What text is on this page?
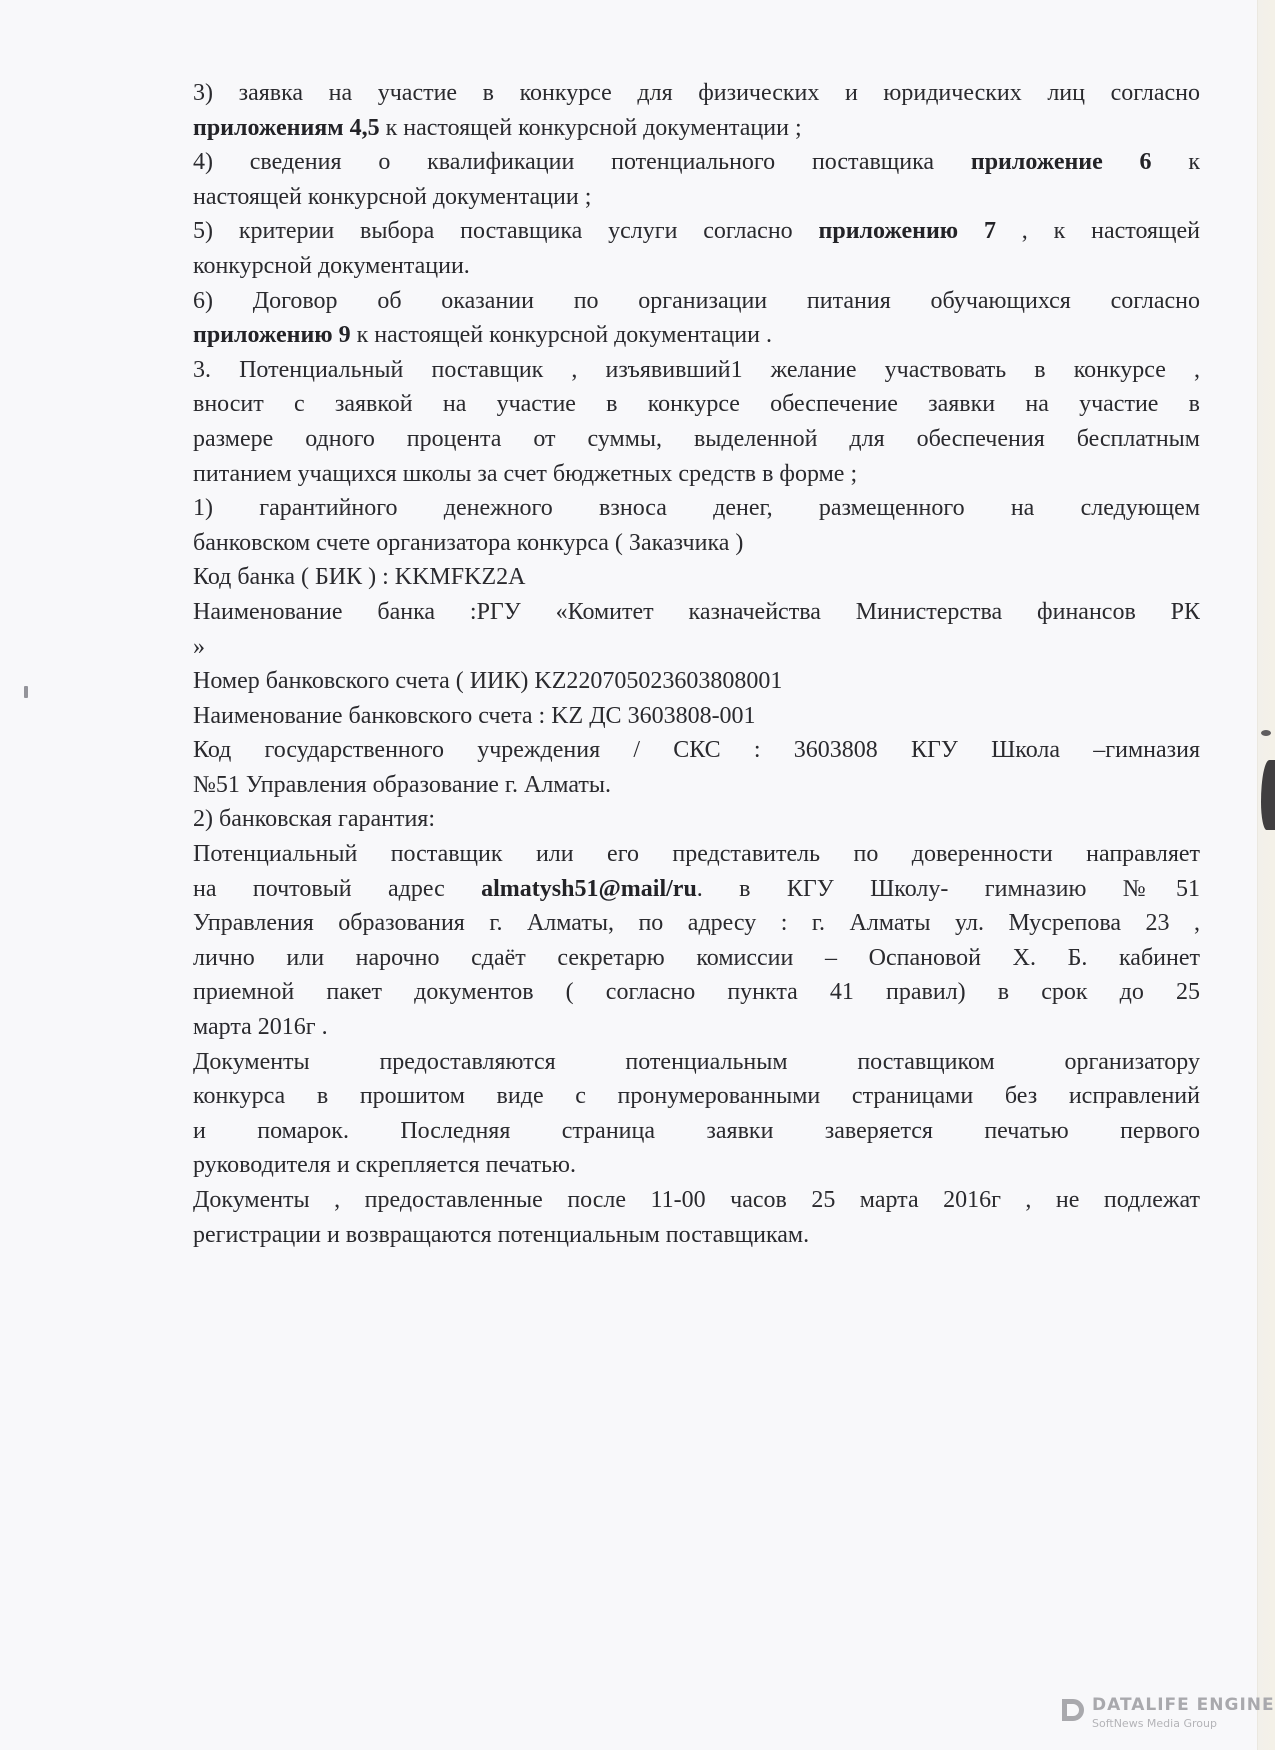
3) заявка на участие в конкурсе для физических и юридических лиц согласно
приложениям 4,5 к настоящей конкурсной документации ;
4) сведения о квалификации потенциального поставщика приложение 6 к
настоящей конкурсной документации ;
5) критерии выбора поставщика услуги согласно приложению 7 , к настоящей
конкурсной документации.
6) Договор об оказании по организации питания обучающихся согласно
приложению 9 к настоящей конкурсной документации .
3. Потенциальный поставщик , изъявивший1 желание участвовать в конкурсе ,
вносит с заявкой на участие в конкурсе обеспечение заявки на участие в
размере одного процента от суммы, выделенной для обеспечения бесплатным
питанием учащихся школы за счет бюджетных средств в форме ;
1) гарантийного денежного взноса денег, размещенного на следующем
банковском счете организатора конкурса ( Заказчика )
Код банка ( БИК ) : KKMFKZ2A
Наименование банка :РГУ «Комитет казначейства Министерства финансов РК
»
Номер банковского счета ( ИИК) KZ220705023603808001
Наименование банковского счета : KZ ДС 3603808-001
Код государственного учреждения / СКС : 3603808 КГУ Школа –гимназия
№51 Управления образование г. Алматы.
2) банковская гарантия:
Потенциальный поставщик или его представитель по доверенности направляет
на почтовый адрес almatysh51@mail/ru. в КГУ Школу- гимназию №51
Управления образования г. Алматы, по адресу : г. Алматы ул. Мусрепова 23 ,
лично или нарочно сдаёт секретарю комиссии – Оспановой Х. Б. кабинет
приемной пакет документов ( согласно пункта 41 правил) в срок до 25
марта 2016г .
Документы предоставляются потенциальным поставщиком организатору
конкурса в прошитом виде с пронумерованными страницами без исправлений
и помарок. Последняя страница заявки заверяется печатью первого
руководителя и скрепляется печатью.
Документы , предоставленные после 11-00 часов 25 марта 2016г , не подлежат
регистрации и возвращаются потенциальным поставщикам.
DATALIFE ENGINE
SoftNews Media Group
